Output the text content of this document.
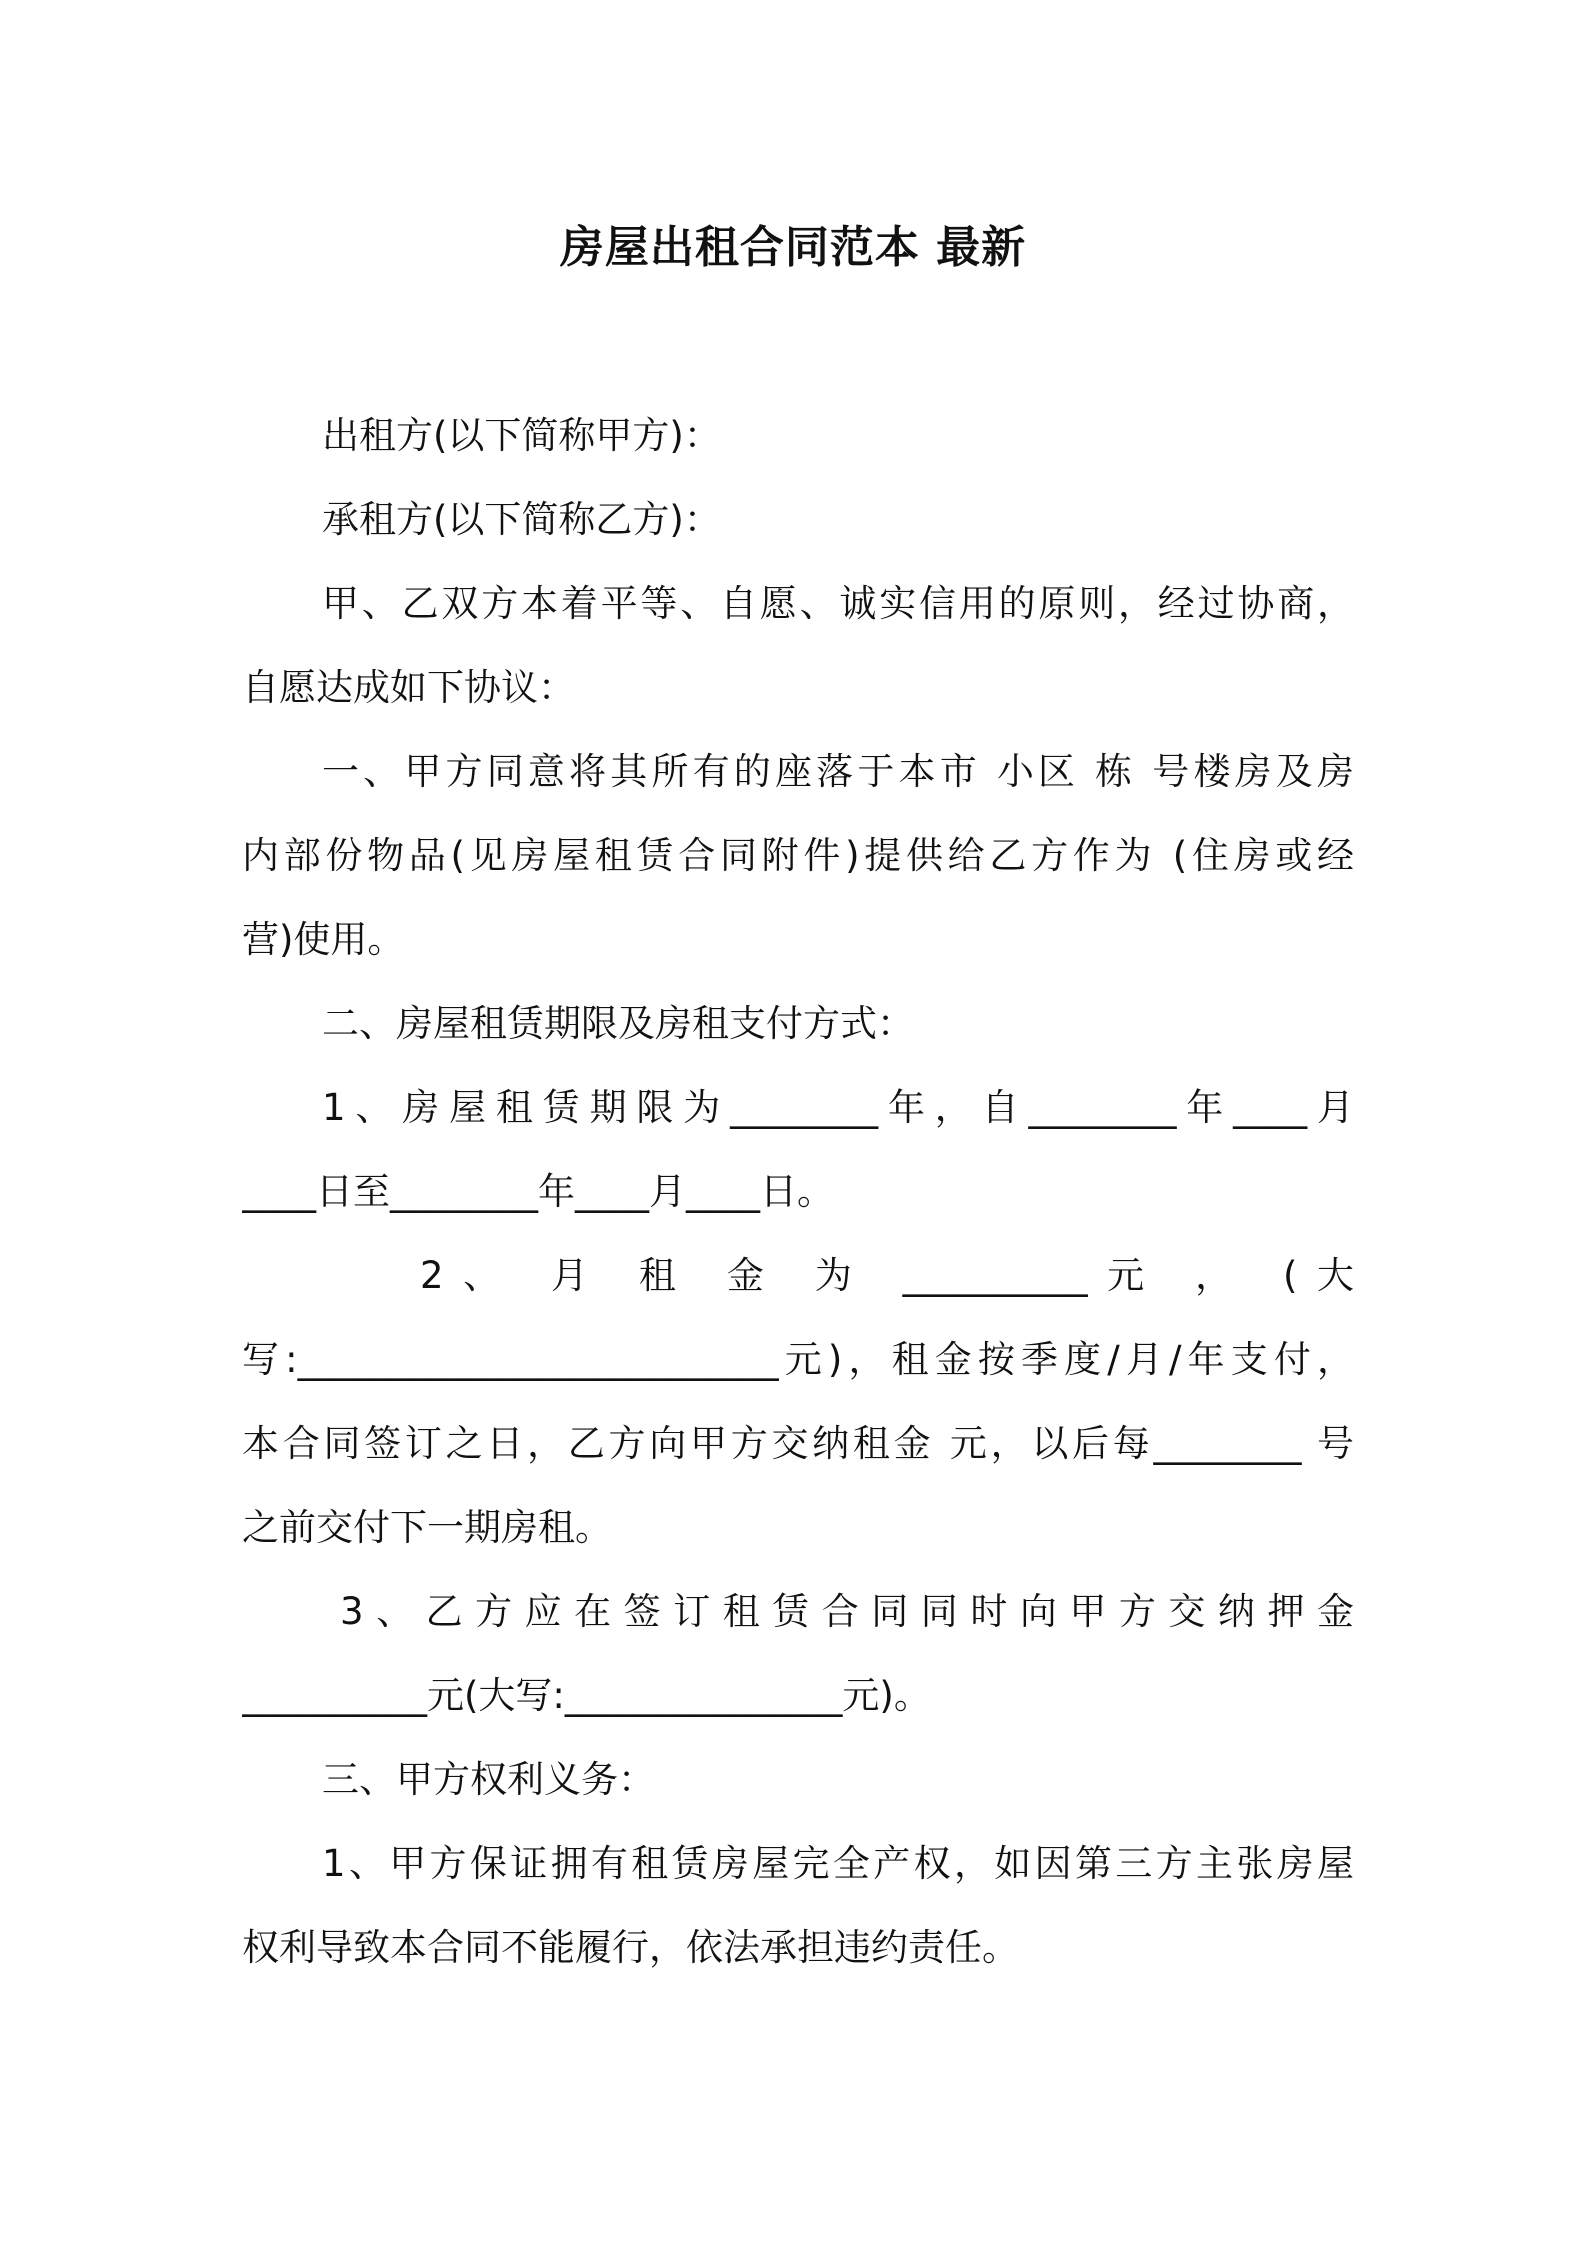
房屋出租合同范本 最新
出租方(以下简称甲方)：
承租方(以下简称乙方)：
甲、乙双方本着平等、自愿、诚实信用的原则，经过协商，
自愿达成如下协议：
一、甲方同意将其所有的座落于本市 小区 栋 号楼房及房
内部份物品(见房屋租赁合同附件)提供给乙方作为 (住房或经
营)使用。
二、房屋租赁期限及房租支付方式：
1、房屋租赁期限为________年，自________年____月
____日至________年____月____日。
2、 月 租 金 为 __________元 ， (大
写:__________________________元)，租金按季度/月/年支付，
本合同签订之日，乙方向甲方交纳租金 元，以后每________ 号
之前交付下一期房租。
3、乙方应在签订租赁合同同时向甲方交纳押金
__________元(大写:_______________元)。
三、甲方权利义务：
1、甲方保证拥有租赁房屋完全产权，如因第三方主张房屋
权利导致本合同不能履行，依法承担违约责任。
